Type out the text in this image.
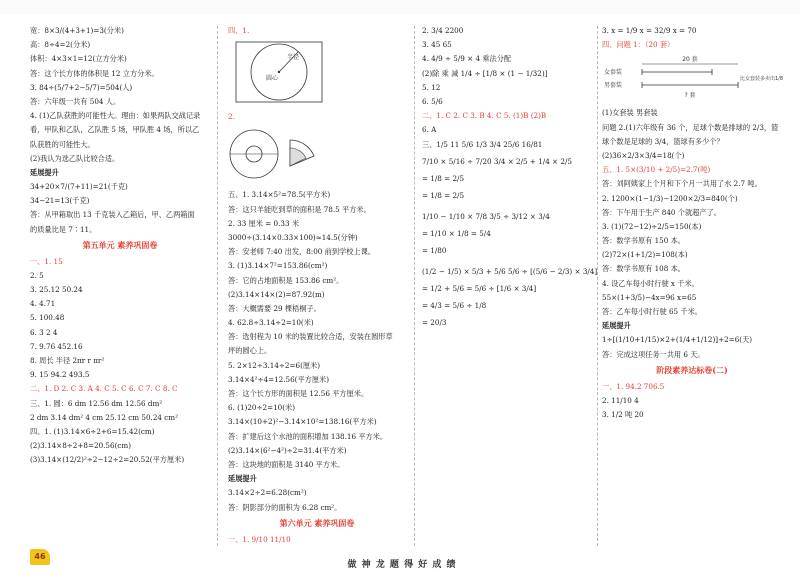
宽：8×3/(4+3+1)=3(分米)
高：8÷4=2(分米)
体积：4×3×1=12(立方分米)
答：这个长方体的体积是 12 立方分米。
3. 84÷(5/7+2−5/7)=504(人)
答：六年级一共有 504 人。
4. (1)乙队获胜的可能性大。理由：如果两队交战记录
看，甲队和乙队，乙队胜 5 场，甲队胜 4 场，所以乙
队获胜的可能性大。
(2)我认为选乙队比较合适。
延展提升
34+20×7/(7+11)=21(千克)
34−21=13(千克)
答：从甲箱取出 13 千克装入乙箱后，甲、乙两箱面
的质量比是 7∶11。
第五单元 素养巩固卷
一、1. 15
2. 5
3. 25.12 50.24
4. 4.71
5. 100.48
6. 3 2 4
7. 9.76 452.16
8. 周长 半径 2πr r πr²
9. 15 94.2 493.5
二、1. D 2. C 3. A 4. C 5. C 6. C 7. C 8. C
三、1. 圆：6 dm 12.56 dm 12.56 dm²
2 dm 3.14 dm² 4 cm 25.12 cm 50.24 cm²
四、1. (1)3.14×6÷2+6=15.42(cm)
(2)3.14×8÷2+8=20.56(cm)
(3)3.14×(12/2)²÷2−12÷2=20.52(平方厘米)
四、1.
半径
圆心
2.
五、1. 3.14×5²=78.5(平方米)
答：这只羊能吃到草的面积是 78.5 平方米。
2. 33 厘米 = 0.33 米
3000÷(3.14×0.33×100)≈14.5(分钟)
答：安老师 7:40 出发，8:00 前到学校上课。
3. (1)3.14×7²=153.86(cm²)
答：它的占地面积是 153.86 cm²。
(2)3.14×14×(2)=87.92(m)
答：大概需要 29 棵梧桐子。
4. 62.8÷3.14÷2=10(米)
答：选射程为 10 米的装置比较合适，安装在圆形草
坪的圆心上。
5. 2×12÷3.14÷2=6(厘米)
3.14×4²÷4=12.56(平方厘米)
答：这个长方形的面积是 12.56 平方厘米。
6. (1)20÷2=10(米)
3.14×(10+2)²−3.14×10²=138.16(平方米)
答：扩建后这个水池的面积增加 138.16 平方米。
(2)3.14×(6²−4²)÷2=31.4(平方米)
答：这块地的面积是 3140 平方米。
延展提升
3.14×2÷2=6.28(cm²)
答：阴影部分的面积为 6.28 cm²。
第六单元 素养巩固卷
一、1. 9/10 11/10
2. 3/4 2200
3. 45 65
4. 4/9 ÷ 5/9 × 4 乘法分配
(2)除 乘 减 1/4 ÷ [1/8 × (1 − 1/32)]
5. 12
6. 5/6
二、1. C 2. C 3. B 4. C 5. (1)B (2)B
6. A
三、1/5 11 5/6 1/3 3/4 25/6 16/81
7/10 × 5/16 ÷ 7/20 3/4 × 2/5 + 1/4 × 2/5
= 1/8 = 2/5
= 1/8 = 2/5
1/10 − 1/10 × 7/8 3/5 ÷ 3/12 × 3/4
= 1/10 × 1/8 = 5/4
= 1/80
(1/2 − 1/5) × 5/3 + 5/6 5/6 ÷ [(5/6 − 2/3) × 3/4]
= 1/2 + 5/6 = 5/6 ÷ [1/6 × 3/4]
= 4/3 = 5/6 ÷ 1/8
= 20/3
3. x = 1/9 x = 32/9 x = 70
四、问题 1：（20 套）
20 套
女套装
男套装
比女套装多卖出1/8
? 套
(1)女套装 男套装
问题 2.(1)六年级有 36 个，足球个数是排球的 2/3，篮
球个数是足球的 3/4，篮球有多少个？
(2)36×2/3×3/4=18(个)
五、1. 5×(3/10 + 2/5)=2.7(吨)
答：刘阿姨家上个月和下个月一共用了水 2.7 吨。
2. 1200×(1−1/3)−1200×2/3=840(个)
答：下午用于生产 840 个就超产了。
3. (1)(72−12)÷2/5=150(本)
答：数学书原有 150 本。
(2)72×(1+1/2)=108(本)
答：数学书原有 108 本。
4. 设乙车每小时行驶 x 千米。
55×(1+3/5)−4x=96 x=65
答：乙车每小时行驶 65 千米。
延展提升
1÷[(1/10+1/15)×2+(1/4+1/12)]+2=6(天)
答：完成这项任务一共用 6 天。
阶段素养达标卷(二)
一、1. 94.2 706.5
2. 11/10 4
3. 1/2 吨 20
46
做 神 龙 题 得 好 成 绩
